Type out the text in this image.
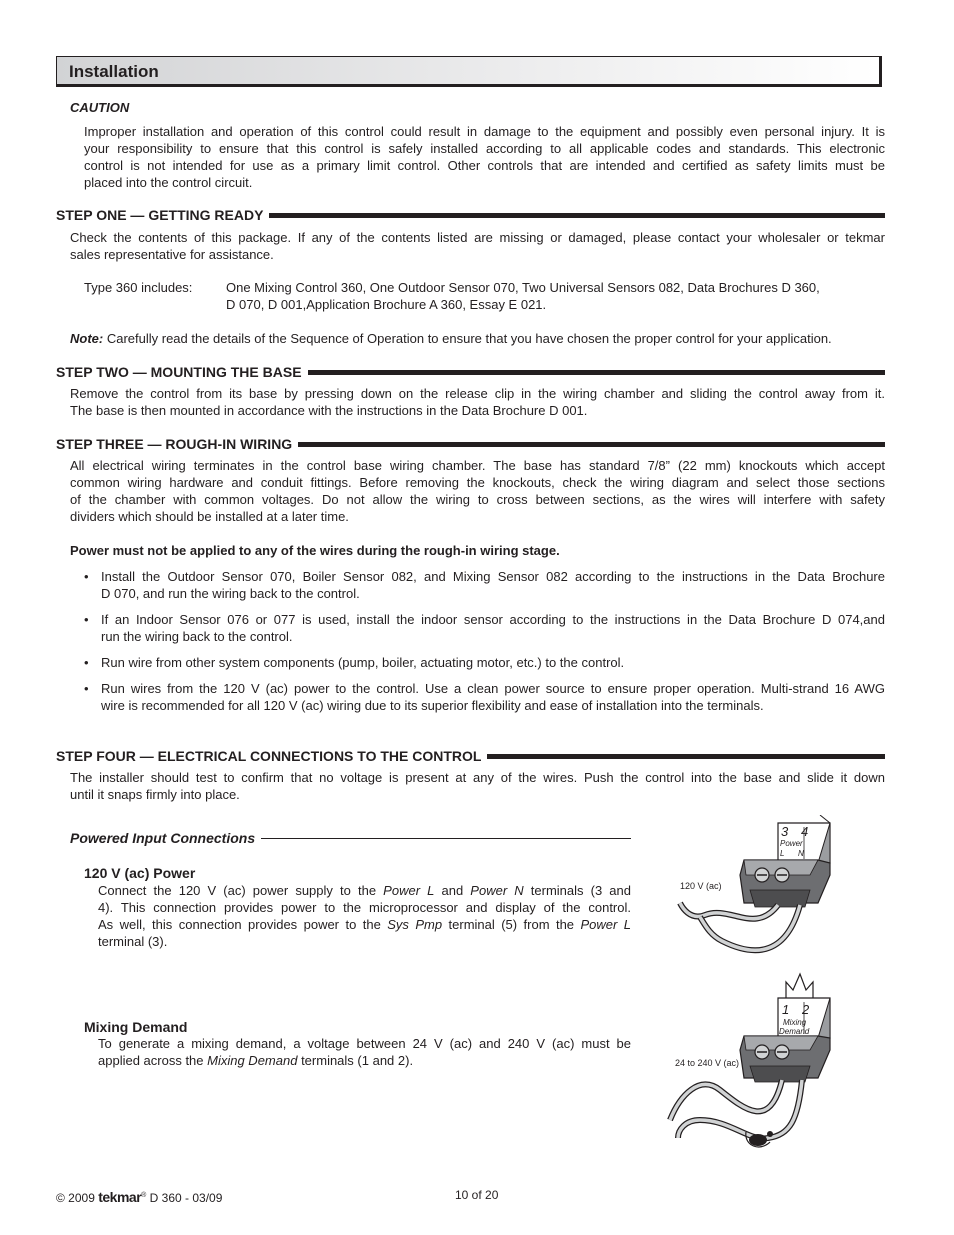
Installation
CAUTION
Improper installation and operation of this control could result in damage to the equipment and possibly even personal injury. It is
your responsibility to ensure that this control is safely installed according to all applicable codes and standards. This electronic
control is not intended for use as a primary limit control. Other controls that are intended and certified as safety limits must be
placed into the control circuit.
STEP ONE — GETTING READY
Check the contents of this package. If any of the contents listed are missing or damaged, please contact your wholesaler or tekmar
sales representative for assistance.
Type 360 includes:	One Mixing Control 360, One Outdoor Sensor 070, Two Universal Sensors 082, Data Brochures D 360,
D 070, D 001,Application Brochure A 360, Essay E 021.
Note: Carefully read the details of the Sequence of Operation to ensure that you have chosen the proper control for your application.
STEP TWO — MOUNTING THE BASE
Remove the control from its base by pressing down on the release clip in the wiring chamber and sliding the control away from it.
The base is then mounted in accordance with the instructions in the Data Brochure D 001.
STEP THREE — ROUGH-IN WIRING
All electrical wiring terminates in the control base wiring chamber. The base has standard 7/8” (22 mm) knockouts which accept
common wiring hardware and conduit fittings. Before removing the knockouts, check the wiring diagram and select those sections
of the chamber with common voltages. Do not allow the wiring to cross between sections, as the wires will interfere with safety
dividers which should be installed at a later time.
Power must not be applied to any of the wires during the rough-in wiring stage.
• Install the Outdoor Sensor 070, Boiler Sensor 082, and Mixing Sensor 082 according to the instructions in the Data Brochure
D 070, and run the wiring back to the control.
• If an Indoor Sensor 076 or 077 is used, install the indoor sensor according to the instructions in the Data Brochure D 074,and
run the wiring back to the control.
• Run wire from other system components (pump, boiler, actuating motor, etc.) to the control.
• Run wires from the 120 V (ac) power to the control. Use a clean power source to ensure proper operation. Multi-strand 16 AWG
wire is recommended for all 120 V (ac) wiring due to its superior flexibility and ease of installation into the terminals.
STEP FOUR — ELECTRICAL CONNECTIONS TO THE CONTROL
The installer should test to confirm that no voltage is present at any of the wires. Push the control into the base and slide it down
until it snaps firmly into place.
Powered Input Connections
120 V (ac) Power
Connect the 120 V (ac) power supply to the Power L and Power N terminals (3 and
4). This connection provides power to the microprocessor and display of the control.
As well, this connection provides power to the Sys Pmp terminal (5) from the Power L
terminal (3).
Mixing Demand
To generate a mixing demand, a voltage between 24 V (ac) and 240 V (ac) must be
applied across the Mixing Demand terminals (1 and 2).
120 V (ac)
3 4
Power
L N
24 to 240 V (ac)
1 2
Mixing
Demand
© 2009 tekmar® D 360 - 03/09	10 of 20
